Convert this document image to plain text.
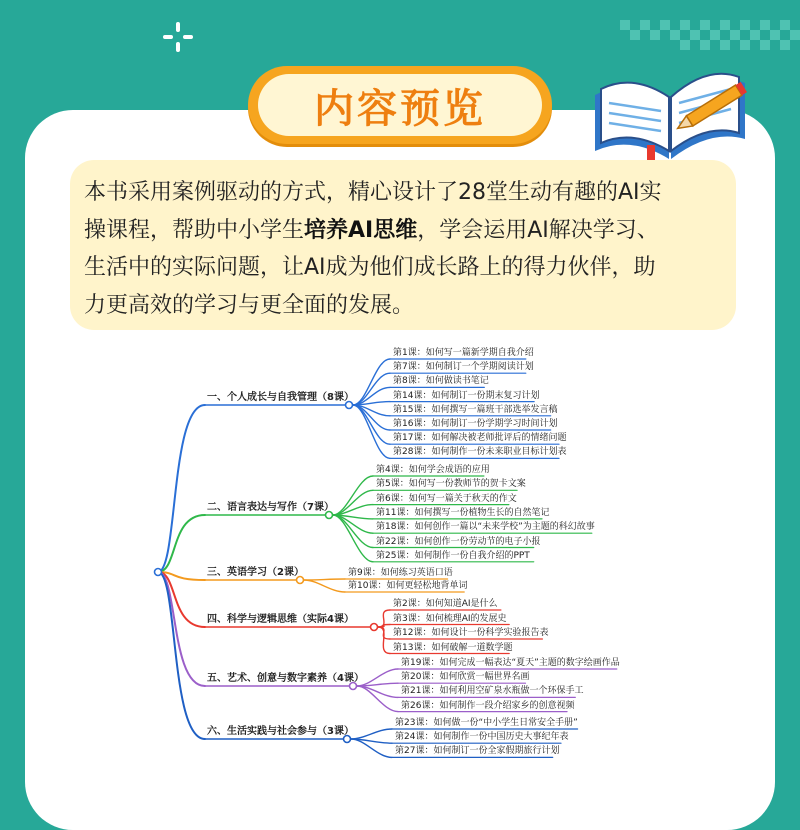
内容预览

本书采用案例驱动的方式，精心设计了28堂生动有趣的AI实
操课程，帮助中小学生培养AI思维，学会运用AI解决学习、
生活中的实际问题，让AI成为他们成长路上的得力伙伴，助
力更高效的学习与更全面的发展。

一、个人成长与自我管理（8课）
第1课：如何写一篇新学期自我介绍
第7课：如何制订一个学期阅读计划
第8课：如何做读书笔记
第14课：如何制订一份期末复习计划
第15课：如何撰写一篇班干部选举发言稿
第16课：如何制订一份学期学习时间计划
第17课：如何解决被老师批评后的情绪问题
第28课：如何制作一份未来职业目标计划表
二、语言表达与写作（7课）
第4课：如何学会成语的应用
第5课：如何写一份教师节的贺卡文案
第6课：如何写一篇关于秋天的作文
第11课：如何撰写一份植物生长的自然笔记
第18课：如何创作一篇以“未来学校”为主题的科幻故事
第22课：如何创作一份劳动节的电子小报
第25课：如何制作一份自我介绍的PPT
三、英语学习（2课）	第9课：如何练习英语口语
第10课：如何更轻松地背单词
四、科学与逻辑思维（实际4课）
第2课：如何知道AI是什么
第3课：如何梳理AI的发展史
第12课：如何设计一份科学实验报告表
第13课：如何破解一道数学题
五、艺术、创意与数字素养（4课）
第19课：如何完成一幅表达“夏天”主题的数字绘画作品
第20课：如何欣赏一幅世界名画
第21课：如何利用空矿泉水瓶做一个环保手工
第26课：如何制作一段介绍家乡的创意视频
六、生活实践与社会参与（3课）
第23课：如何做一份“中小学生日常安全手册”
第24课：如何制作一份中国历史大事纪年表
第27课：如何制订一份全家假期旅行计划
